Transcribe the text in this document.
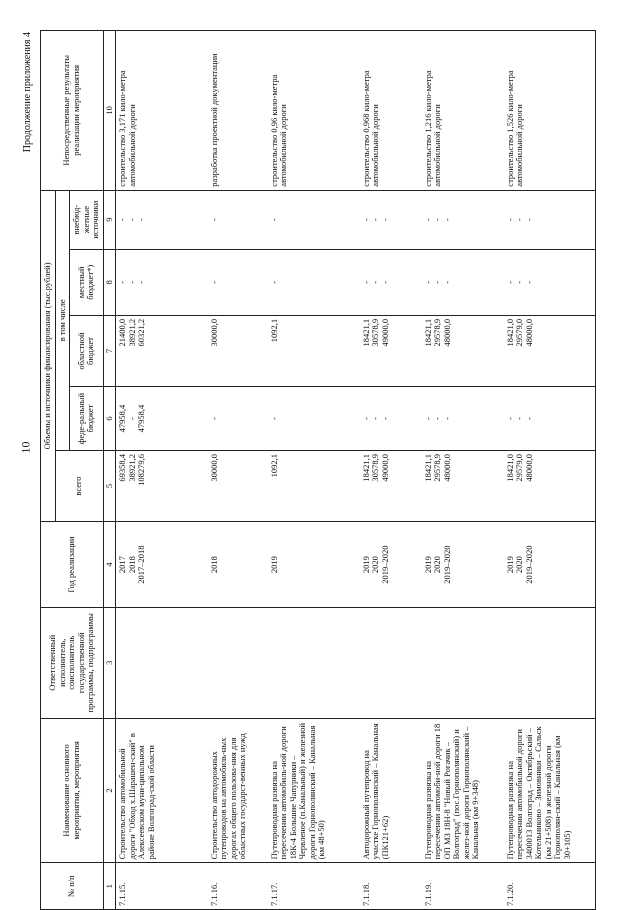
10
Продолжение приложения 4
№ п/п	Наименование основного мероприятия, мероприятия	Ответственный исполнитель, соисполнитель государственной программы, подпрограммы	Год реализации	Объемы и источники финансирования (тыс.рублей)					Непосредственные результаты реализации мероприятия
				всего	в том числе				
					феде-ральный бюджет	областной бюджет	местный бюджет*)	внебюд-жетные источники	
1	2	3	4	5	6	7	8	9	10
7.1.15.	Строительство автомобильной дороги "Обход х.Шарашен-ский" в Алексеевском муни-ципальном районе Волгоград-ской области		2017 2018 2017–2018	69358,4 38921,2 108279,6	47958,4 - 47958,4	21400,0 38921,2 60321,2	- - -	- - -	строительство 3,171 кило-метра автомобильной дороги
7.1.16.	Строительство автодорожных путепроводов на автомобиль-ных дорогах общего пользова-ния для областных государст-венных нужд		2018	30000,0	-	30000,0	-	-	разработка проектной документации
7.1.17.	Путепроводная развязка на пересечении автомобиль-ной дороги 18К-4 Большие Чапурники – Червленое (п.Канальный) и железной дороги Горнополянский – Канальная (км 48+50)		2019	1092,1	-	1092,1	-	-	строительство 0,96 кило-метра автомобильной дороги
7.1.18.	Автодорожный путепровод на участке Горнополянский – Канальная (ПК121+62)		2019 2020 2019–2020	18421,1 30578,9 49000,0	- - -	18421,1 30578,9 49000,0	- - -	- - -	строительство 0,968 кило-метра автомобильной дороги
7.1.19.	Путепроводная развязка на пересечении автомоби-ной дороги 18 ОП МЗ 18Н-8 "Новый Рогачик – Волгоград" (пос.Горнополянский) и желез-ной дороги Горнополянский – Канальная (км 9+348)		2019 2020 2019–2020	18421,1 29578,9 48000,0	- - -	18421,1 29578,9 48000,0	- - -	- - -	строительство 1,216 кило-метра автомобильной дороги
7.1.20.	Путепроводная развязка на пересечении автомобильной дороги 3400013 Волгоград – Октябрьский – Котельниково – Зимовники – Сальск (км 21+508) и железной дороги Горнополян-ский – Канальная (км 30+105)		2019 2020 2019–2020	18421,0 29579,0 48000,0	- - -	18421,0 29579,0 48000,0	- - -	- - -	строительство 1,526 кило-метра автомобильной дороги
